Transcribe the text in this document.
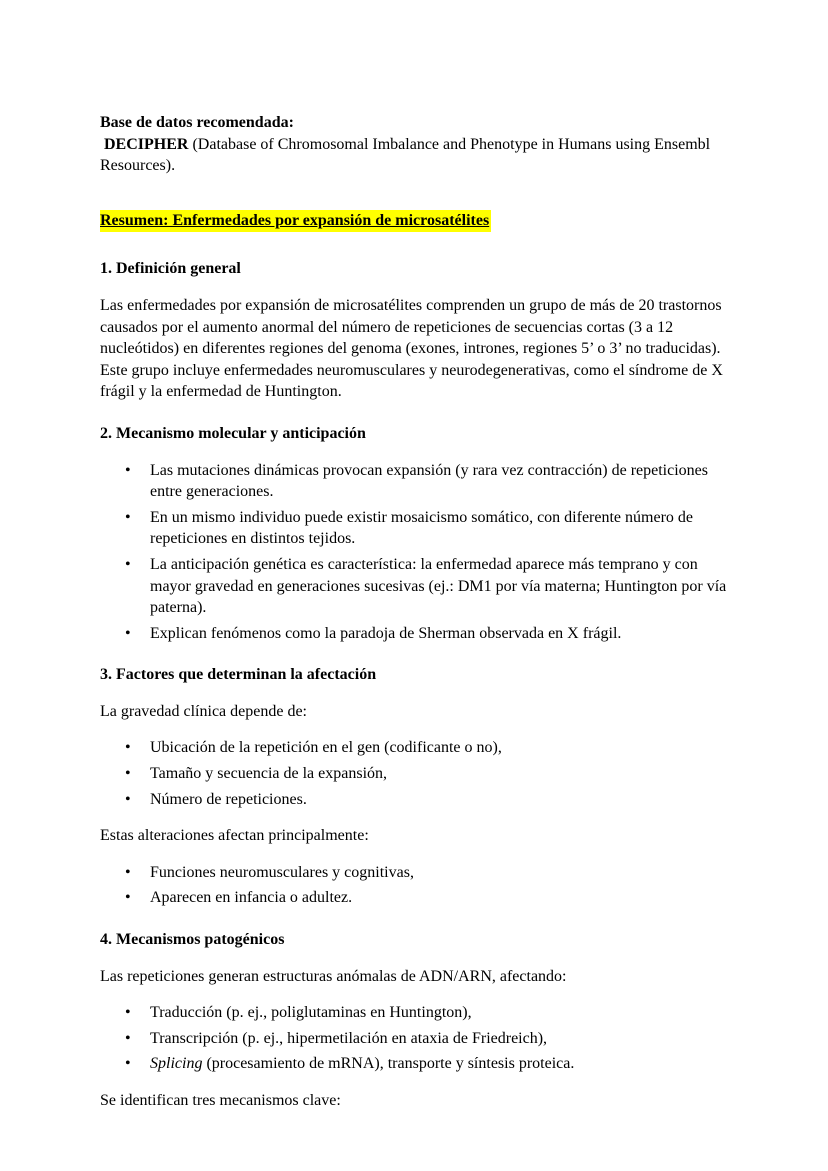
Base de datos recomendada:
DECIPHER (Database of Chromosomal Imbalance and Phenotype in Humans using Ensembl Resources).

Resumen: Enfermedades por expansión de microsatélites
1. Definición general

Las enfermedades por expansión de microsatélites comprenden un grupo de más de 20 trastornos causados por el aumento anormal del número de repeticiones de secuencias cortas (3 a 12 nucleótidos) en diferentes regiones del genoma (exones, intrones, regiones 5’ o 3’ no traducidas). Este grupo incluye enfermedades neuromusculares y neurodegenerativas, como el síndrome de X frágil y la enfermedad de Huntington.

2. Mecanismo molecular y anticipación
•	Las mutaciones dinámicas provocan expansión (y rara vez contracción) de repeticiones entre generaciones.
•	En un mismo individuo puede existir mosaicismo somático, con diferente número de repeticiones en distintos tejidos.
•	La anticipación genética es característica: la enfermedad aparece más temprano y con mayor gravedad en generaciones sucesivas (ej.: DM1 por vía materna; Huntington por vía paterna).
•	Explican fenómenos como la paradoja de Sherman observada en X frágil.
3. Factores que determinan la afectación

La gravedad clínica depende de:

•	Ubicación de la repetición en el gen (codificante o no),
•	Tamaño y secuencia de la expansión,
•	Número de repeticiones.

Estas alteraciones afectan principalmente:

•	Funciones neuromusculares y cognitivas,
•	Aparecen en infancia o adultez.
4. Mecanismos patogénicos

Las repeticiones generan estructuras anómalas de ADN/ARN, afectando:

•	Traducción (p. ej., poliglutaminas en Huntington),
•	Transcripción (p. ej., hipermetilación en ataxia de Friedreich),
•	Splicing (procesamiento de mRNA), transporte y síntesis proteica.

Se identifican tres mecanismos clave:
